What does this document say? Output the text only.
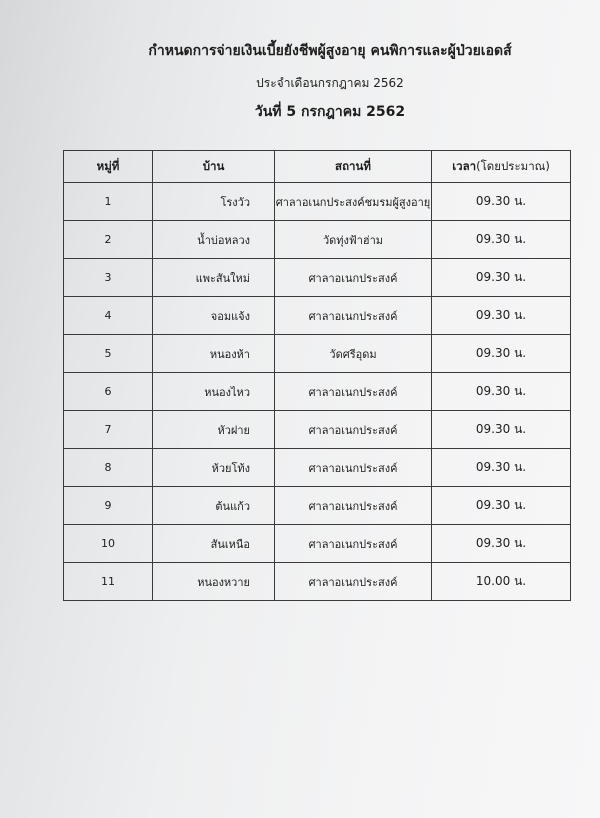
กำหนดการจ่ายเงินเบี้ยยังชีพผู้สูงอายุ คนพิการและผู้ป่วยเอดส์
ประจำเดือนกรกฎาคม 2562
วันที่ 5 กรกฎาคม 2562
หมู่ที่	บ้าน	สถานที่	เวลา(โดยประมาณ)
1	โรงวัว	ศาลาอเนกประสงค์ชมรมผู้สูงอายุ	09.30 น.
2	น้ำบ่อหลวง	วัดทุ่งฟ้าฮ่าม	09.30 น.
3	แพะสันใหม่	ศาลาอเนกประสงค์	09.30 น.
4	จอมแจ้ง	ศาลาอเนกประสงค์	09.30 น.
5	หนองห้า	วัดศรีอุดม	09.30 น.
6	หนองไหว	ศาลาอเนกประสงค์	09.30 น.
7	หัวฝาย	ศาลาอเนกประสงค์	09.30 น.
8	ห้วยโท้ง	ศาลาอเนกประสงค์	09.30 น.
9	ต้นแก้ว	ศาลาอเนกประสงค์	09.30 น.
10	สันเหนือ	ศาลาอเนกประสงค์	09.30 น.
11	หนองหวาย	ศาลาอเนกประสงค์	10.00 น.
